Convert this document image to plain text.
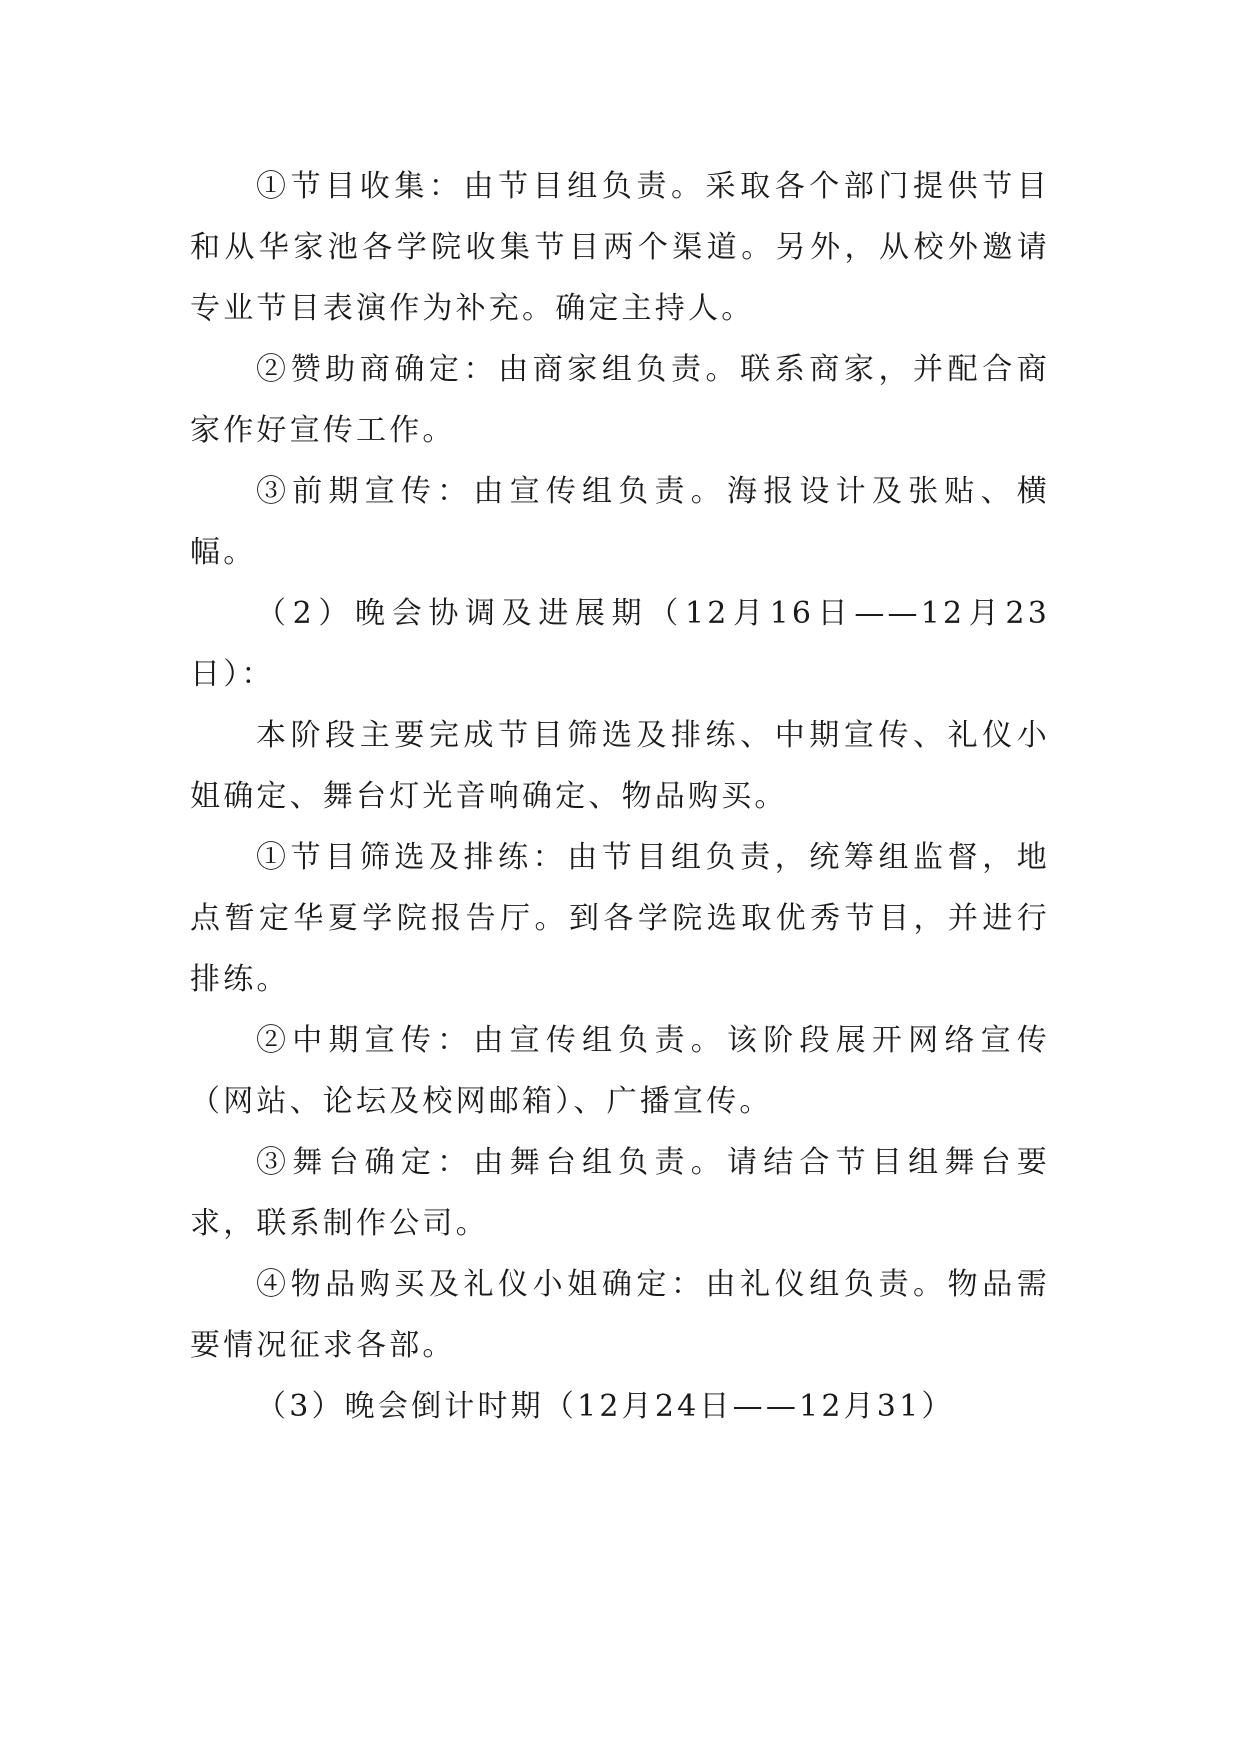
①节目收集：由节目组负责。采取各个部门提供节目和从华家池各学院收集节目两个渠道。另外，从校外邀请专业节目表演作为补充。确定主持人。

②赞助商确定：由商家组负责。联系商家，并配合商家作好宣传工作。

③前期宣传：由宣传组负责。海报设计及张贴、横幅。

（2）晚会协调及进展期（12月16日——12月23日）：

本阶段主要完成节目筛选及排练、中期宣传、礼仪小姐确定、舞台灯光音响确定、物品购买。

①节目筛选及排练：由节目组负责，统筹组监督，地点暂定华夏学院报告厅。到各学院选取优秀节目，并进行排练。

②中期宣传：由宣传组负责。该阶段展开网络宣传（网站、论坛及校网邮箱）、广播宣传。

③舞台确定：由舞台组负责。请结合节目组舞台要求，联系制作公司。

④物品购买及礼仪小姐确定：由礼仪组负责。物品需要情况征求各部。

（3）晚会倒计时期（12月24日——12月31）
